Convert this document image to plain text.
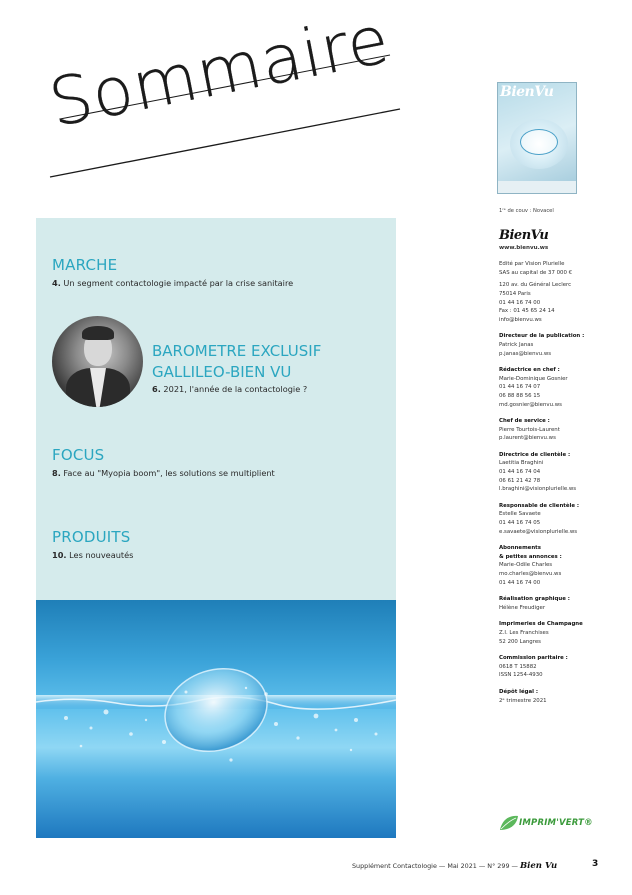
Sommaire
MARCHE
4. Un segment contactologie impacté par la crise sanitaire
BAROMETRE EXCLUSIF
GALLILEO-BIEN VU
6. 2021, l'année de la contactologie ?
FOCUS
8. Face au "Myopia boom", les solutions se multiplient
PRODUITS
10. Les nouveautés
BienVu
1ʳᵉ de couv : Novacel
BienVu
www.bienvu.ws
Edité par Vision Plurielle
SAS au capital de 37 000 €
120 av. du Général Leclerc
75014 Paris
01 44 16 74 00
Fax : 01 45 65 24 14
info@bienvu.ws
Directeur de la publication :
Patrick Janas
p.janas@bienvu.ws
Rédactrice en chef :
Marie-Dominique Gosnier
01 44 16 74 07
06 88 88 56 15
md.gosnier@bienvu.ws
Chef de service :
Pierre Tourtois-Laurent
p.laurent@bienvu.ws
Directrice de clientèle :
Laetitia Braghini
01 44 16 74 04
06 61 21 42 78
l.braghini@visionplurielle.ws
Responsable de clientèle :
Estelle Savaete
01 44 16 74 05
e.savaete@visionplurielle.ws
Abonnements
& petites annonces :
Marie-Odile Charles
mo.charles@bienvu.ws
01 44 16 74 00
Réalisation graphique :
Hélène Freudiger
Imprimeries de Champagne
Z.I. Les Franchises
52 200 Langres
Commission paritaire :
0618 T 15882
ISSN 1254-4930
Dépôt légal :
2ᵉ trimestre 2021
IMPRIM'VERT®
Supplément Contactologie — Mai 2021 — N° 299 — Bien Vu	3
